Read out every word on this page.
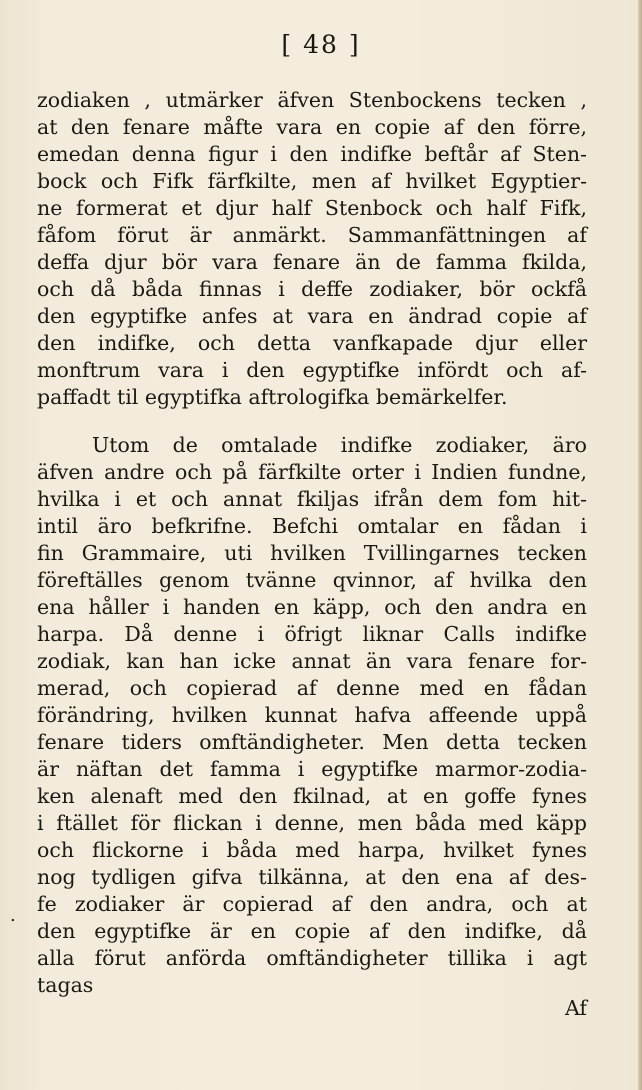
[ 48 ]
zodiaken , utmärker äfven Stenbockens tecken ,
at den fenare måfte vara en copie af den förre,
emedan denna figur i den indifke beftår af Sten-
bock och Fifk färfkilte, men af hvilket Egyptier-
ne formerat et djur half Stenbock och half Fifk,
fåfom förut är anmärkt. Sammanfättningen af
deffa djur bör vara fenare än de famma fkilda,
och då båda finnas i deffe zodiaker, bör ockfå
den egyptifke anfes at vara en ändrad copie af
den indifke, och detta vanfkapade djur eller
monftrum vara i den egyptifke infördt och af-
paffadt til egyptifka aftrologifka bemärkelfer.
Utom de omtalade indifke zodiaker, äro
äfven andre och på färfkilte orter i Indien fundne,
hvilka i et och annat fkiljas ifrån dem fom hit-
intil äro befkrifne. Befchi omtalar en fådan i
fin Grammaire, uti hvilken Tvillingarnes tecken
föreftälles genom tvänne qvinnor, af hvilka den
ena håller i handen en käpp, och den andra en
harpa. Då denne i öfrigt liknar Calls indifke
zodiak, kan han icke annat än vara fenare for-
merad, och copierad af denne med en fådan
förändring, hvilken kunnat hafva affeende uppå
fenare tiders omftändigheter. Men detta tecken
är näftan det famma i egyptifke marmor-zodia-
ken alenaft med den fkilnad, at en goffe fynes
i ftället för flickan i denne, men båda med käpp
och flickorne i båda med harpa, hvilket fynes
nog tydligen gifva tilkänna, at den ena af des-
fe zodiaker är copierad af den andra, och at
den egyptifke är en copie af den indifke, då
alla förut anförda omftändigheter tillika i agt
tagas
.
Af
